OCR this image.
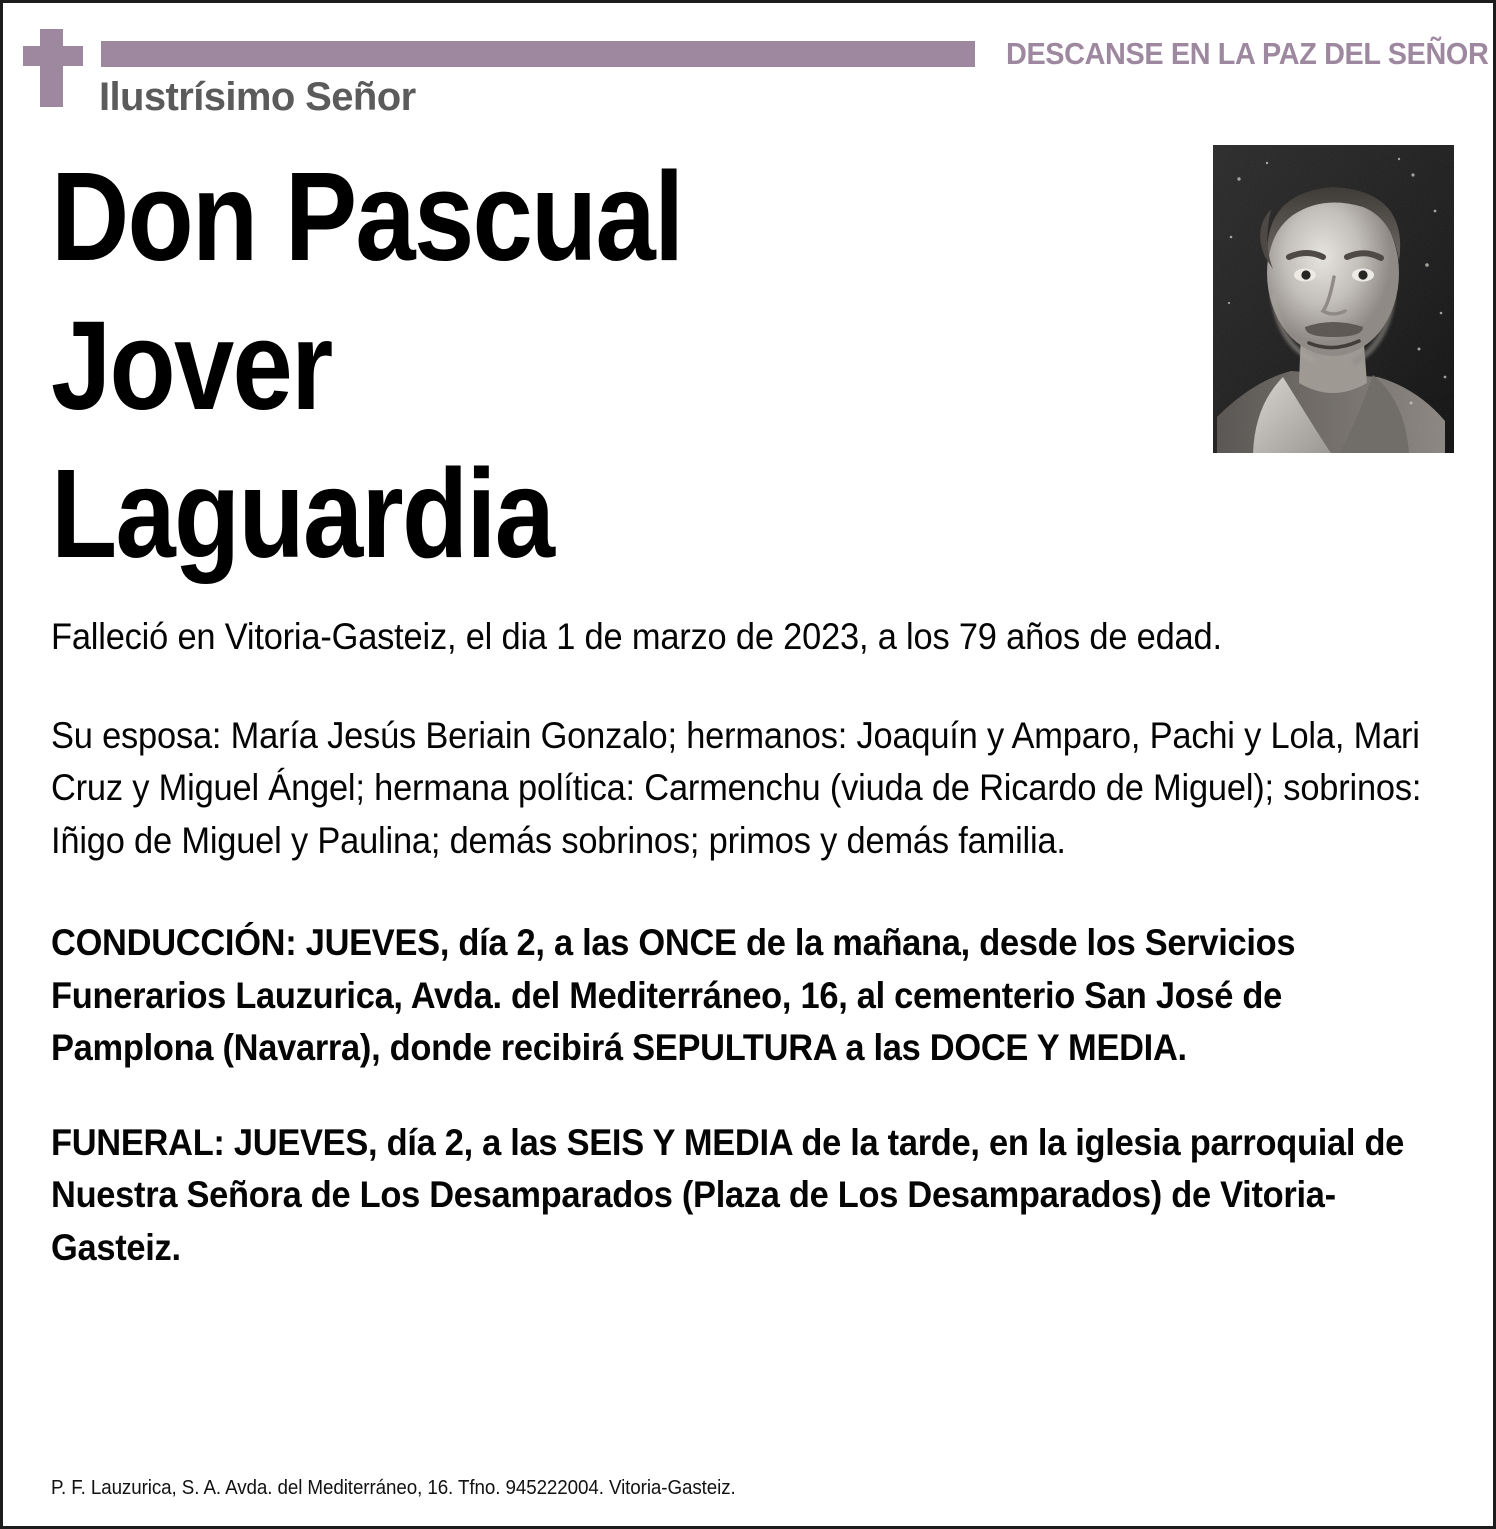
DESCANSE EN LA PAZ DEL SEÑOR
Ilustrísimo Señor
Don Pascual
Jover
Laguardia

Falleció en Vitoria-Gasteiz, el dia 1 de marzo de 2023, a los 79 años de edad.

Su esposa: María Jesús Beriain Gonzalo; hermanos: Joaquín y Amparo, Pachi y Lola, Mari Cruz y Miguel Ángel; hermana política: Carmenchu (viuda de Ricardo de Miguel); sobrinos: Iñigo de Miguel y Paulina; demás sobrinos; primos y demás familia.

CONDUCCIÓN: JUEVES, día 2, a las ONCE de la mañana, desde los Servicios Funerarios Lauzurica, Avda. del Mediterráneo, 16, al cementerio San José de Pamplona (Navarra), donde recibirá SEPULTURA a las DOCE Y MEDIA.

FUNERAL: JUEVES, día 2, a las SEIS Y MEDIA de la tarde, en la iglesia parroquial de Nuestra Señora de Los Desamparados (Plaza de Los Desamparados) de Vitoria-Gasteiz.

P. F. Lauzurica, S. A. Avda. del Mediterráneo, 16. Tfno. 945222004. Vitoria-Gasteiz.
